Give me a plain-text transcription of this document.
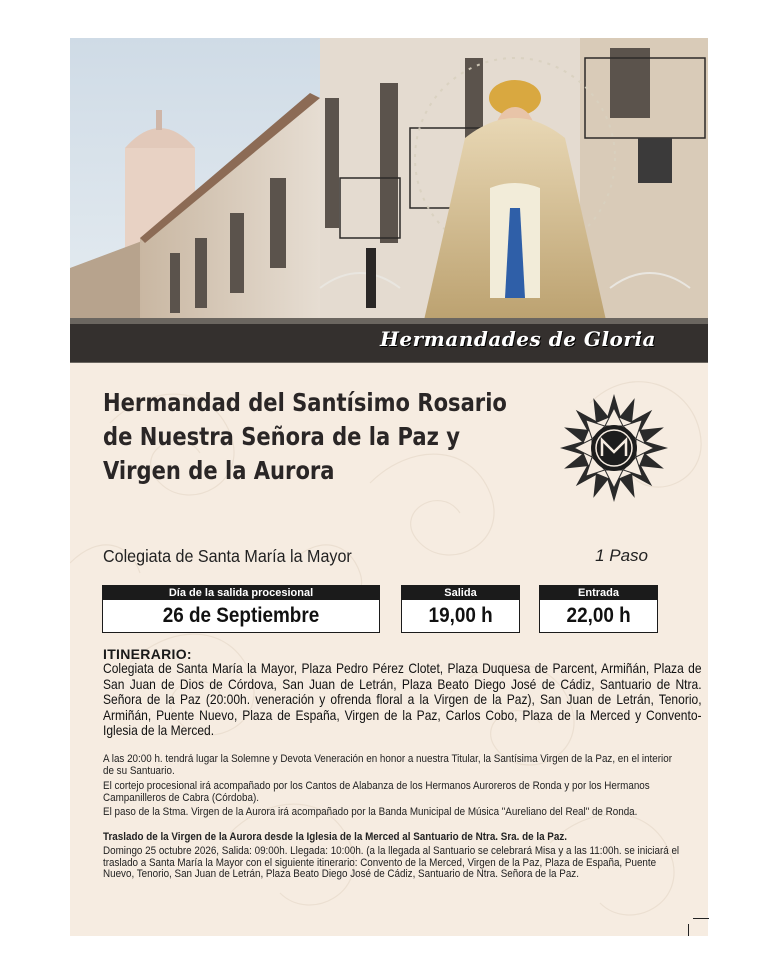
Hermandades de Gloria
Hermandad del Santísimo Rosario
de Nuestra Señora de la Paz y
Virgen de la Aurora
Colegiata de Santa María la Mayor	1 Paso
Día de la salida procesional
26 de Septiembre
Salida
19,00 h
Entrada
22,00 h
ITINERARIO:
Colegiata de Santa María la Mayor, Plaza Pedro Pérez Clotet, Plaza Duquesa de Parcent, Armiñán, Plaza de San Juan de Dios de Córdova, San Juan de Letrán, Plaza Beato Diego José de Cádiz, Santuario de Ntra. Señora de la Paz (20:00h. veneración y ofrenda floral a la Virgen de la Paz), San Juan de Letrán, Tenorio, Armiñán, Puente Nuevo, Plaza de España, Virgen de la Paz, Carlos Cobo, Plaza de la Merced y Convento-Iglesia de la Merced.
A las 20:00 h. tendrá lugar la Solemne y Devota Veneración en honor a nuestra Titular, la Santísima Virgen de la Paz, en el interior de su Santuario.
El cortejo procesional irá acompañado por los Cantos de Alabanza de los Hermanos Auroreros de Ronda y por los Hermanos Campanilleros de Cabra (Córdoba).
El paso de la Stma. Virgen de la Aurora irá acompañado por la Banda Municipal de Música "Aureliano del Real" de Ronda.
Traslado de la Virgen de la Aurora desde la Iglesia de la Merced al Santuario de Ntra. Sra. de la Paz.
Domingo 25 octubre 2026, Salida: 09:00h. Llegada: 10:00h. (a la llegada al Santuario se celebrará Misa y a las 11:00h. se iniciará el traslado a Santa María la Mayor con el siguiente itinerario: Convento de la Merced, Virgen de la Paz, Plaza de España, Puente Nuevo, Tenorio, San Juan de Letrán, Plaza Beato Diego José de Cádiz, Santuario de Ntra. Señora de la Paz.
